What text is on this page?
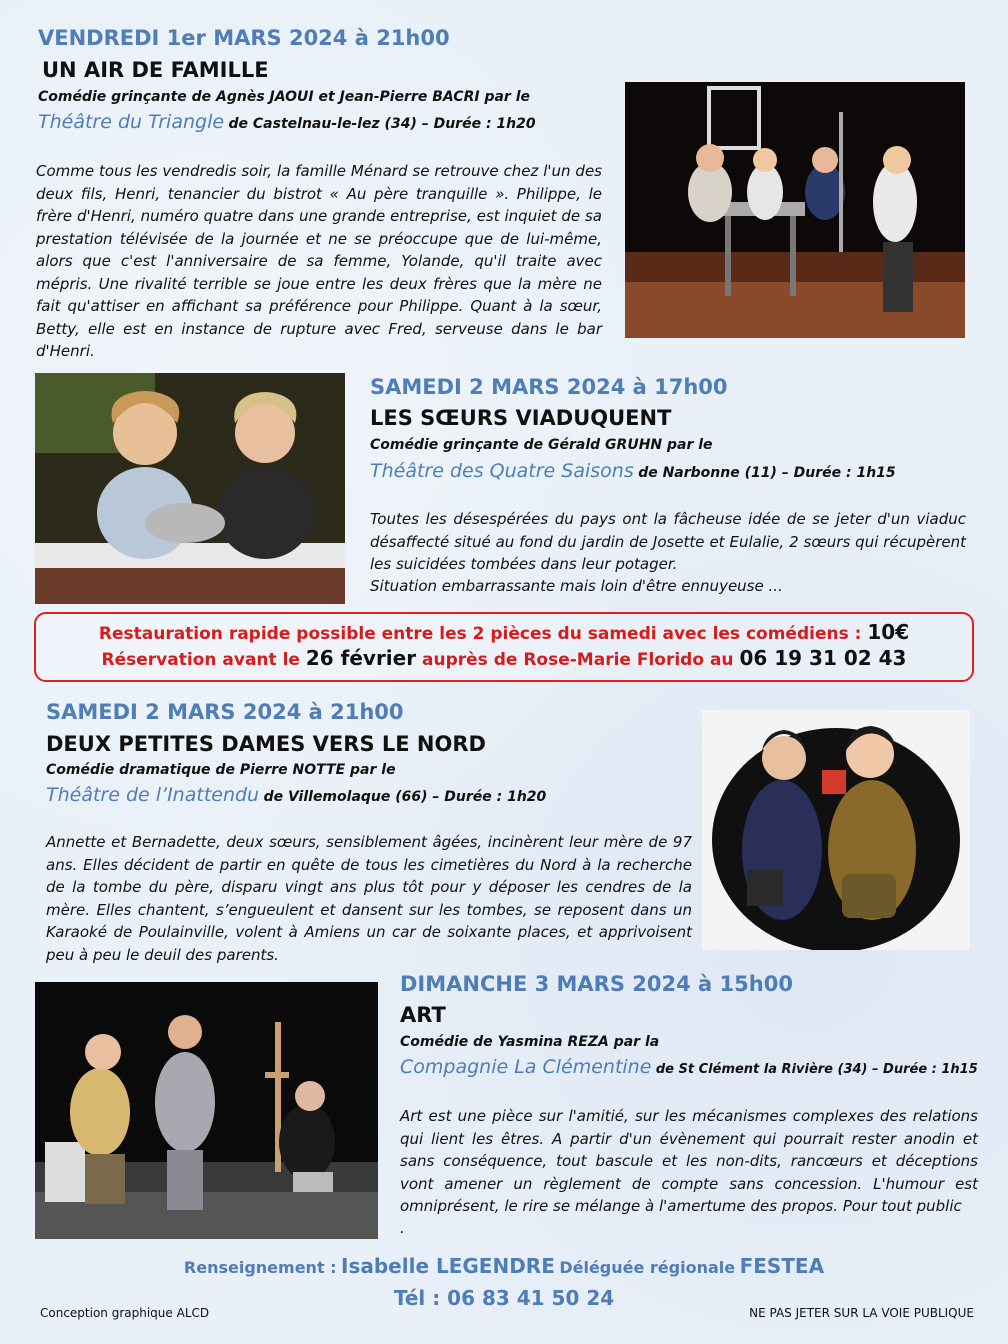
VENDREDI 1er MARS 2024 à 21h00
UN AIR DE FAMILLE
Comédie grinçante de Agnès JAOUI et Jean-Pierre BACRI par le
Théâtre du Triangle de Castelnau-le-lez (34) – Durée : 1h20
Comme tous les vendredis soir, la famille Ménard se retrouve chez l'un des deux fils, Henri, tenancier du bistrot « Au père tranquille ». Philippe, le frère d'Henri, numéro quatre dans une grande entreprise, est inquiet de sa prestation télévisée de la journée et ne se préoccupe que de lui-même, alors que c'est l'anniversaire de sa femme, Yolande, qu'il traite avec mépris. Une rivalité terrible se joue entre les deux frères que la mère ne fait qu'attiser en affichant sa préférence pour Philippe. Quant à la sœur, Betty, elle est en instance de rupture avec Fred, serveuse dans le bar d'Henri.
SAMEDI 2 MARS 2024 à 17h00
LES SŒURS VIADUQUENT
Comédie grinçante de Gérald GRUHN par le
Théâtre des Quatre Saisons de Narbonne (11) – Durée : 1h15
Toutes les désespérées du pays ont la fâcheuse idée de se jeter d'un viaduc désaffecté situé au fond du jardin de Josette et Eulalie, 2 sœurs qui récupèrent les suicidées tombées dans leur potager.
Situation embarrassante mais loin d'être ennuyeuse ...
Restauration rapide possible entre les 2 pièces du samedi avec les comédiens : 10€
Réservation avant le 26 février auprès de Rose-Marie Florido au 06 19 31 02 43
SAMEDI 2 MARS 2024 à 21h00
DEUX PETITES DAMES VERS LE NORD
Comédie dramatique de Pierre NOTTE par le
Théâtre de l’Inattendu de Villemolaque (66) – Durée : 1h20
Annette et Bernadette, deux sœurs, sensiblement âgées, incinèrent leur mère de 97 ans. Elles décident de partir en quête de tous les cimetières du Nord à la recherche de la tombe du père, disparu vingt ans plus tôt pour y déposer les cendres de la mère. Elles chantent, s’engueulent et dansent sur les tombes, se reposent dans un Karaoké de Poulainville, volent à Amiens un car de soixante places, et apprivoisent peu à peu le deuil des parents.
DIMANCHE 3 MARS 2024 à 15h00
ART
Comédie de Yasmina REZA par la
Compagnie La Clémentine de St Clément la Rivière (34) – Durée : 1h15
Art est une pièce sur l'amitié, sur les mécanismes complexes des relations qui lient les êtres. A partir d'un évènement qui pourrait rester anodin et sans conséquence, tout bascule et les non-dits, rancœurs et déceptions vont amener un règlement de compte sans concession. L'humour est omniprésent, le rire se mélange à l'amertume des propos. Pour tout public
.
Renseignement : Isabelle LEGENDRE Déléguée régionale FESTEA
Tél : 06 83 41 50 24
Conception graphique ALCD	NE PAS JETER SUR LA VOIE PUBLIQUE
